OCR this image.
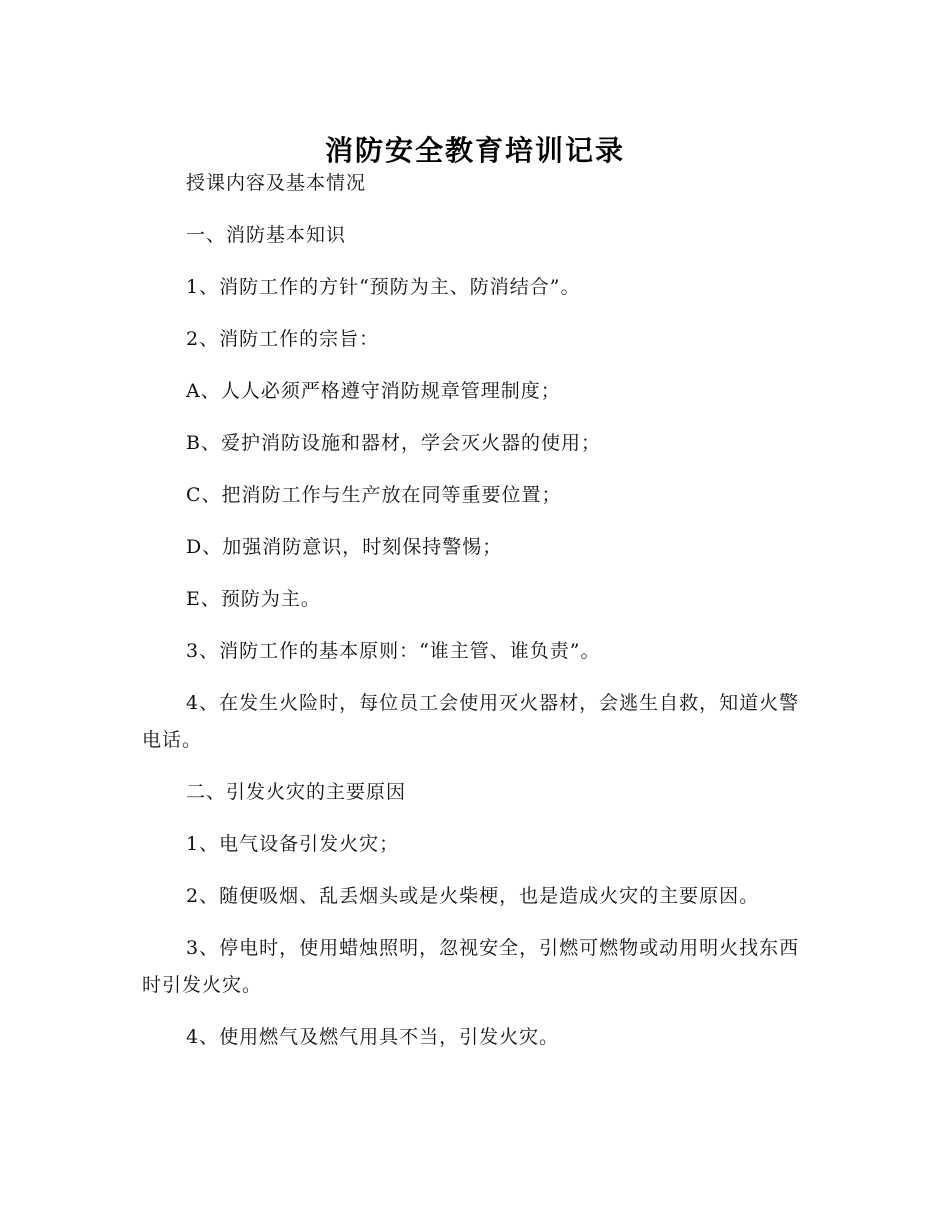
消防安全教育培训记录

授课内容及基本情况

一、消防基本知识

1、消防工作的方针“预防为主、防消结合”。

2、消防工作的宗旨：

A、人人必须严格遵守消防规章管理制度；

B、爱护消防设施和器材，学会灭火器的使用；

C、把消防工作与生产放在同等重要位置；

D、加强消防意识，时刻保持警惕；

E、预防为主。

3、消防工作的基本原则：“谁主管、谁负责”。

4、在发生火险时，每位员工会使用灭火器材，会逃生自救，知道火警电话。

二、引发火灾的主要原因

1、电气设备引发火灾；

2、随便吸烟、乱丢烟头或是火柴梗，也是造成火灾的主要原因。

3、停电时，使用蜡烛照明，忽视安全，引燃可燃物或动用明火找东西时引发火灾。

4、使用燃气及燃气用具不当，引发火灾。
